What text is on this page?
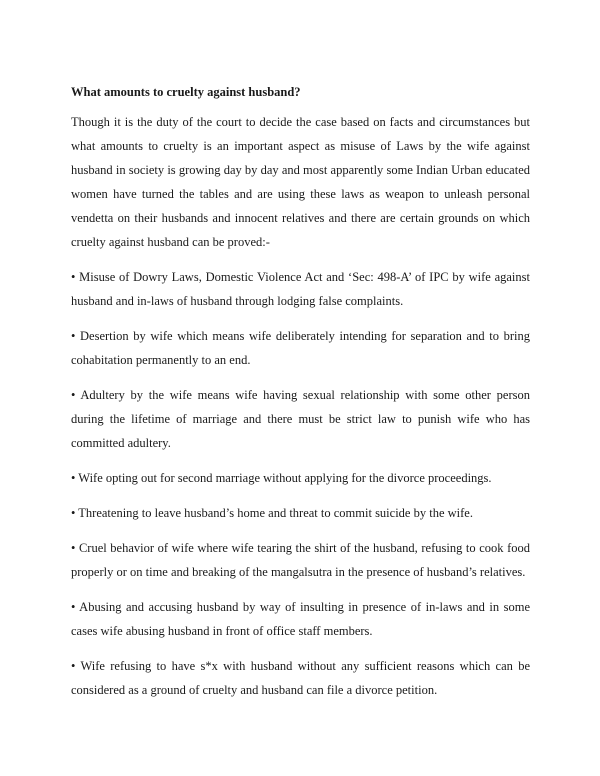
What amounts to cruelty against husband?
Though it is the duty of the court to decide the case based on facts and circumstances but what amounts to cruelty is an important aspect as misuse of Laws by the wife against husband in society is growing day by day and most apparently some Indian Urban educated women have turned the tables and are using these laws as weapon to unleash personal vendetta on their husbands and innocent relatives and there are certain grounds on which cruelty against husband can be proved:-
• Misuse of Dowry Laws, Domestic Violence Act and ‘Sec: 498-A’ of IPC by wife against husband and in-laws of husband through lodging false complaints.
• Desertion by wife which means wife deliberately intending for separation and to bring cohabitation permanently to an end.
• Adultery by the wife means wife having sexual relationship with some other person during the lifetime of marriage and there must be strict law to punish wife who has committed adultery.
• Wife opting out for second marriage without applying for the divorce proceedings.
• Threatening to leave husband’s home and threat to commit suicide by the wife.
• Cruel behavior of wife where wife tearing the shirt of the husband, refusing to cook food properly or on time and breaking of the mangalsutra in the presence of husband’s relatives.
• Abusing and accusing husband by way of insulting in presence of in-laws and in some cases wife abusing husband in front of office staff members.
• Wife refusing to have s*x with husband without any sufficient reasons which can be considered as a ground of cruelty and husband can file a divorce petition.
